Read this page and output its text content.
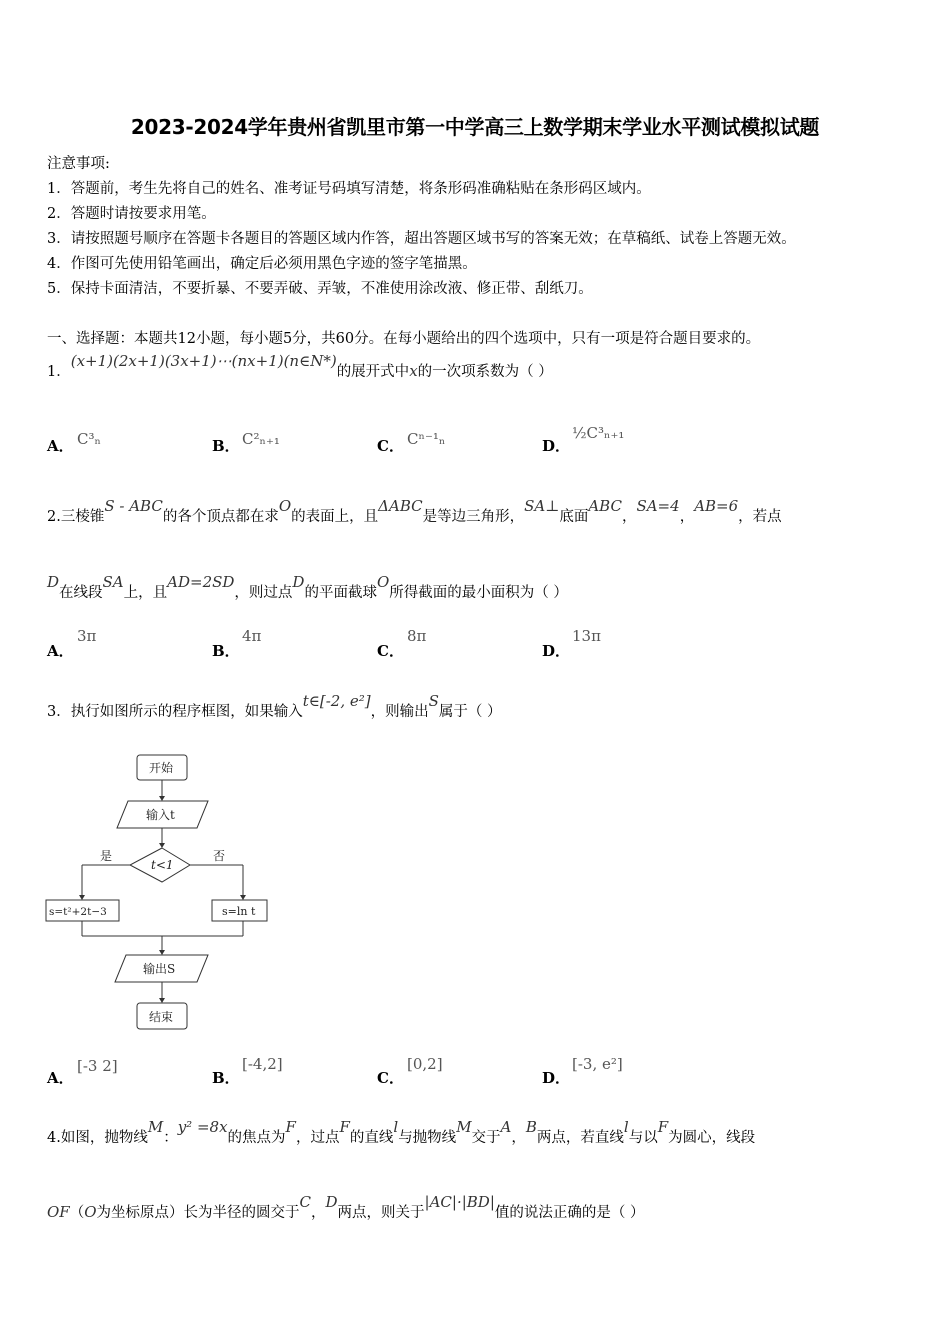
2023-2024学年贵州省凯里市第一中学高三上数学期末学业水平测试模拟试题
注意事项:
1．答题前，考生先将自己的姓名、准考证号码填写清楚，将条形码准确粘贴在条形码区域内。
2．答题时请按要求用笔。
3．请按照题号顺序在答题卡各题目的答题区域内作答，超出答题区域书写的答案无效；在草稿纸、试卷上答题无效。
4．作图可先使用铅笔画出，确定后必须用黑色字迹的签字笔描黑。
5．保持卡面清洁，不要折暴、不要弄破、弄皱，不准使用涂改液、修正带、刮纸刀。
一、选择题：本题共12小题，每小题5分，共60分。在每小题给出的四个选项中，只有一项是符合题目要求的。
1．(x+1)(2x+1)(3x+1)⋯(nx+1)(n∈N*)的展开式中x的一次项系数为（ ）
A． C³ₙ	B． C²ₙ₊₁	C． Cⁿ⁻¹ₙ	D．
½C³ₙ₊₁
2.三棱锥S - ABC的各个顶点都在求O的表面上，且ΔABC是等边三角形，SA⊥底面ABC，SA=4，AB=6，若点
D在线段SA上，且AD=2SD，则过点D的平面截球O所得截面的最小面积为（ ）
A．
3π
B．
4π
C．
8π
D．
13π
3．执行如图所示的程序框图，如果输入t∈[-2, e²]，则输出S属于（ ）
开始
输入t
t<1
是	否
s=t²+2t−3	s=ln t
输出S
结束
A．
[-3 2]
B．
[-4,2]
C．
[0,2]
D．
[-3, e²]
4.如图，抛物线M：y² =8x的焦点为F，过点F的直线l与抛物线M交于A，B两点，若直线l与以F为圆心，线段
OF（O为坐标原点）长为半径的圆交于C，D两点，则关于|AC|·|BD|值的说法正确的是（ ）
